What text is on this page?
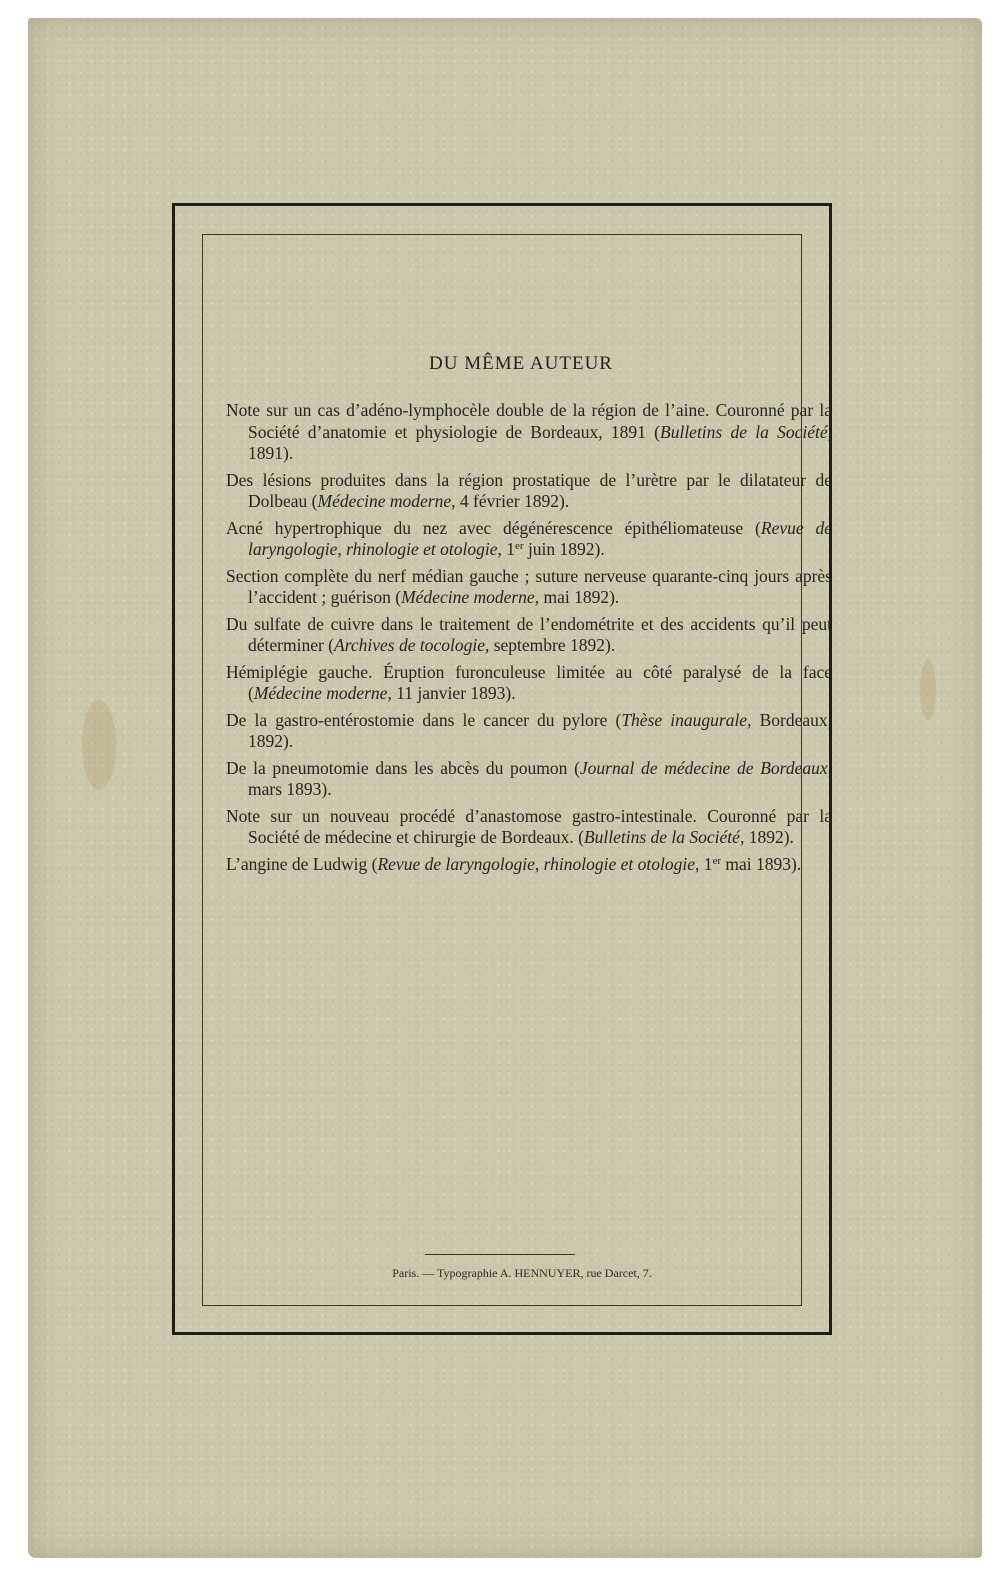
DU MÊME AUTEUR
Note sur un cas d’adéno-lymphocèle double de la région de l’aine. Couronné par la Société d’anatomie et physiologie de Bordeaux, 1891 (Bulletins de la Société, 1891).
Des lésions produites dans la région prostatique de l’urètre par le dilatateur de Dolbeau (Médecine moderne, 4 février 1892).
Acné hypertrophique du nez avec dégénérescence épithéliomateuse (Revue de laryngologie, rhinologie et otologie, 1er juin 1892).
Section complète du nerf médian gauche ; suture nerveuse quarante-cinq jours après l’accident ; guérison (Médecine moderne, mai 1892).
Du sulfate de cuivre dans le traitement de l’endométrite et des accidents qu’il peut déterminer (Archives de tocologie, septembre 1892).
Hémiplégie gauche. Éruption furonculeuse limitée au côté paralysé de la face (Médecine moderne, 11 janvier 1893).
De la gastro-entérostomie dans le cancer du pylore (Thèse inaugurale, Bordeaux, 1892).
De la pneumotomie dans les abcès du poumon (Journal de médecine de Bordeaux, mars 1893).
Note sur un nouveau procédé d’anastomose gastro-intestinale. Couronné par la Société de médecine et chirurgie de Bordeaux. (Bulletins de la Société, 1892).
L’angine de Ludwig (Revue de laryngologie, rhinologie et otologie, 1er mai 1893).
Paris. — Typographie A. HENNUYER, rue Darcet, 7.
